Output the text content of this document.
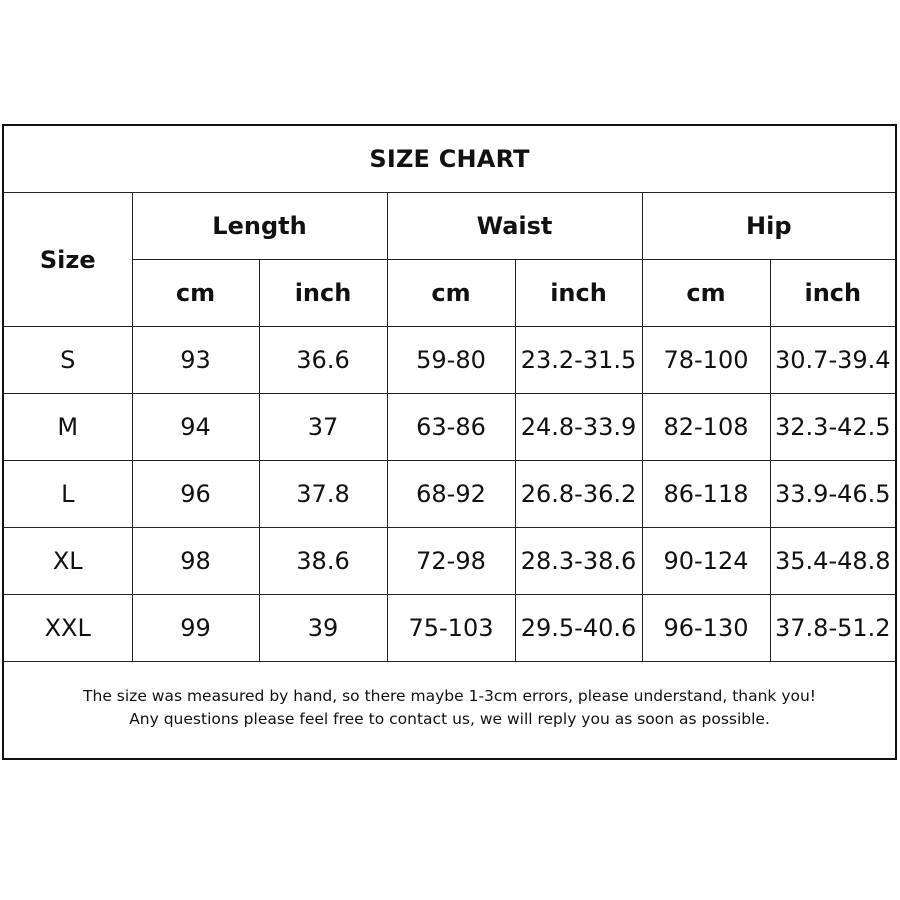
SIZE CHART						
Size	Length		Waist		Hip	
	cm	inch	cm	inch	cm	inch
S	93	36.6	59-80	23.2-31.5	78-100	30.7-39.4
M	94	37	63-86	24.8-33.9	82-108	32.3-42.5
L	96	37.8	68-92	26.8-36.2	86-118	33.9-46.5
XL	98	38.6	72-98	28.3-38.6	90-124	35.4-48.8
XXL	99	39	75-103	29.5-40.6	96-130	37.8-51.2

The size was measured by hand, so there maybe 1-3cm errors, please understand, thank you!
Any questions please feel free to contact us, we will reply you as soon as possible.						
